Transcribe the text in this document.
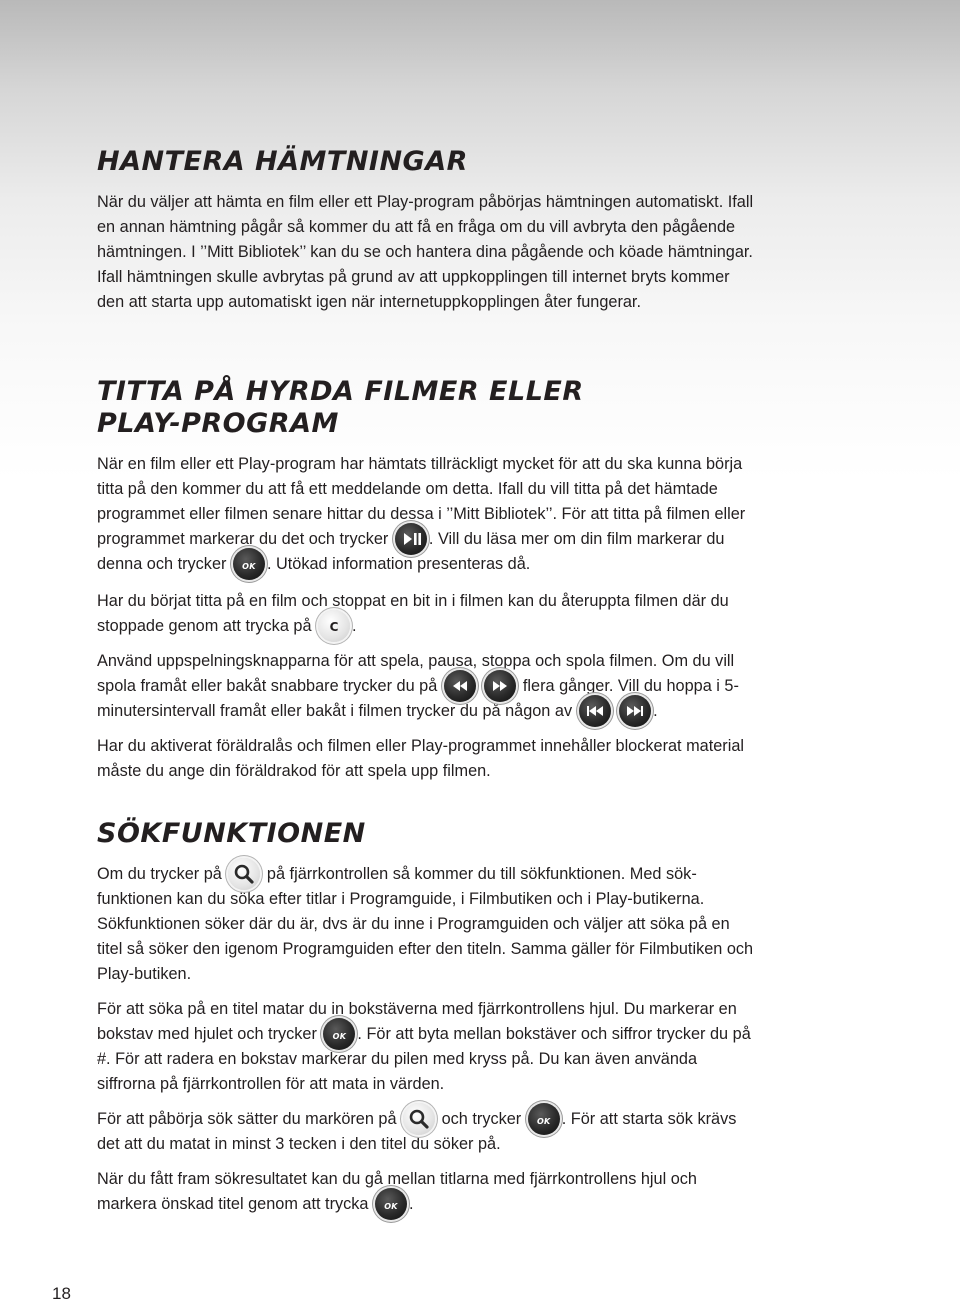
HANTERA HÄMTNINGAR

När du väljer att hämta en film eller ett Play-program påbörjas hämtningen automatiskt. Ifall en annan hämtning pågår så kommer du att få en fråga om du vill avbryta den pågående hämtningen. I ’’Mitt Bibliotek’’ kan du se och hantera dina pågående och köade hämtningar. Ifall hämtningen skulle avbrytas på grund av att uppkopplingen till internet bryts kommer den att starta upp automatiskt igen när internetuppkopplingen åter fungerar.

TITTA PÅ HYRDA FILMER ELLER
PLAY-PROGRAM

När en film eller ett Play-program har hämtats tillräckligt mycket för att du ska kunna börja titta på den kommer du att få ett meddelande om detta. Ifall du vill titta på det hämtade programmet eller filmen senare hittar du dessa i ’’Mitt Bibliotek’’. För att titta på filmen eller programmet markerar du det och trycker
. Vill du läsa mer om din film markerar du denna och trycker OK . Utökad information presenteras då.

Har du börjat titta på en film och stoppat en bit in i filmen kan du återuppta filmen där du stoppade genom att trycka på C .

Använd uppspelningsknapparna för att spela, pausa, stoppa och spola filmen. Om du vill spola framåt eller bakåt snabbare trycker du på
	flera gånger. Vill du hoppa i 5-minutersintervall framåt eller bakåt i filmen trycker du på någon av
	.

Har du aktiverat föräldralås och filmen eller Play-programmet innehåller blockerat material måste du ange din föräldrakod för att spela upp filmen.

SÖKFUNKTIONEN

Om du trycker på
på fjärrkontrollen så kommer du till sökfunktionen. Med sök-funktionen kan du söka efter titlar i Programguide, i Filmbutiken och i Play-butikerna. Sökfunktionen söker där du är, dvs är du inne i Programguiden och väljer att söka på en titel så söker den igenom Programguiden efter den titeln. Samma gäller för Filmbutiken och Play-butiken.

För att söka på en titel matar du in bokstäverna med fjärrkontrollens hjul. Du markerar en bokstav med hjulet och trycker OK . För att byta mellan bokstäver och siffror trycker du på #. För att radera en bokstav markerar du pilen med kryss på. Du kan även använda siffrorna på fjärrkontrollen för att mata in värden.

För att påbörja sök sätter du markören på
och trycker OK . För att starta sök krävs det att du matat in minst 3 tecken i den titel du söker på.

När du fått fram sökresultatet kan du gå mellan titlarna med fjärrkontrollens hjul och markera önskad titel genom att trycka OK .

18
